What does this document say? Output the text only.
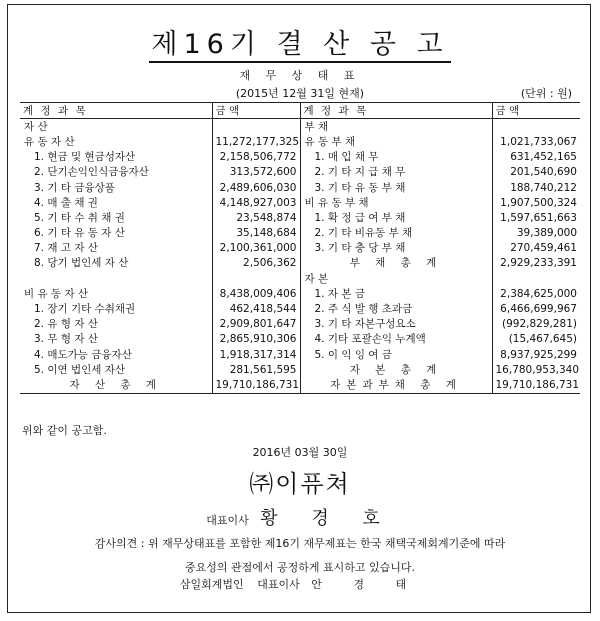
제16기 결 산 공 고
재 무 상 태 표
(2015년 12월 31일 현재)	(단위 : 원)
계 정 과 목	금 액	계 정 과 목	금 액
자 산		부 채	
유 동 자 산	11,272,177,325	유 동 부 채	1,021,733,067
1. 현금 및 현금성자산	2,158,506,772	1. 매 입 채 무	631,452,165
2. 단기손익인식금융자산	313,572,600	2. 기 타 지 급 채 무	201,540,690
3. 기 타 금융상품	2,489,606,030	3. 기 타 유 동 부 채	188,740,212
4. 매 출 채 권	4,148,927,003	비 유 동 부 채	1,907,500,324
5. 기 타 수 취 채 권	23,548,874	1. 확 정 급 여 부 채	1,597,651,663
6. 기 타 유 동 자 산	35,148,684	2. 기 타 비유동 부 채	39,389,000
7. 재 고 자 산	2,100,361,000	3. 기 타 충 당 부 채	270,459,461
8. 당기 법인세 자 산	2,506,362	부 채 총 계	2,929,233,391
		자 본	
비 유 동 자 산	8,438,009,406	1. 자 본 금	2,384,625,000
1. 장기 기타 수취채권	462,418,544	2. 주 식 발 행 초과금	6,466,699,967
2. 유 형 자 산	2,909,801,647	3. 기 타 자본구성요소	(992,829,281)
3. 무 형 자 산	2,865,910,306	4. 기타 포괄손익 누계액	(15,467,645)
4. 매도가능 금융자산	1,918,317,314	5. 이 익 잉 여 금	8,937,925,299
5. 이연 법인세 자산	281,561,595	자 본 총 계	16,780,953,340
자 산 총 계	19,710,186,731	자본과부채 총 계	19,710,186,731
위와 같이 공고함.
2016년 03월 30일
㈜이퓨쳐
대표이사 황 경 호
감사의견 : 위 재무상태표를 포함한 제16기 재무제표는 한국 채택국제회계기준에 따라
중요성의 관점에서 공정하게 표시하고 있습니다.
삼일회계법인 대표이사 안 경 태
